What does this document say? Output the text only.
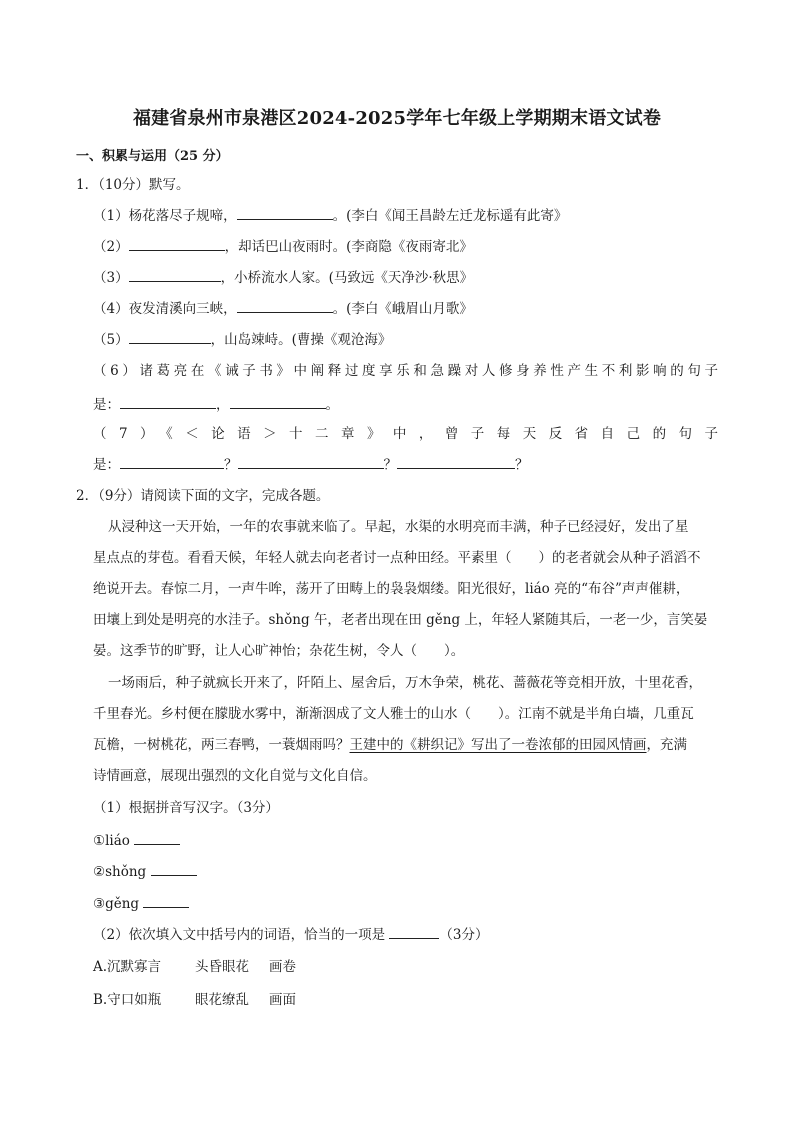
福建省泉州市泉港区2024-2025学年七年级上学期期末语文试卷
一、积累与运用（25 分）
1．（10分）默写。
（1）杨花落尽子规啼，	。(李白《闻王昌龄左迁龙标遥有此寄》
（2）	，却话巴山夜雨时。(李商隐《夜雨寄北》
（3）	，小桥流水人家。(马致远《天净沙·秋思》
（4）夜发清溪向三峡，	。(李白《峨眉山月歌》
（5）	，山岛竦峙。(曹操《观沧海》
（6）诸葛亮在《诫子书》中阐释过度享乐和急躁对人修身养性产生不利影响的句子
是：	，	。
（7）《＜论语＞十二章》中，曾子每天反省自己的句子
是：	？	？	？
2．（9分）请阅读下面的文字，完成各题。
从浸种这一天开始，一年的农事就来临了。早起，水渠的水明亮而丰满，种子已经浸好，发出了星
星点点的芽苞。看看天候，年轻人就去向老者讨一点种田经。平素里（　　）的老者就会从种子滔滔不
绝说开去。春惊二月，一声牛哞，荡开了田畴上的袅袅烟缕。阳光很好，liáo 亮的“布谷”声声催耕，
田壤上到处是明亮的水洼子。shǒng 午，老者出现在田 gěng 上，年轻人紧随其后，一老一少，言笑晏
晏。这季节的旷野，让人心旷神怡；杂花生树，令人（　　）。
一场雨后，种子就疯长开来了，阡陌上、屋舍后，万木争荣，桃花、蔷薇花等竞相开放，十里花香，
千里春光。乡村便在朦胧水雾中，渐渐洇成了文人雅士的山水（　　）。江南不就是半角白墙，几重瓦
瓦檐，一树桃花，两三春鸭，一蓑烟雨吗？王建中的《耕织记》写出了一卷浓郁的田园风情画，充满
诗情画意，展现出强烈的文化自觉与文化自信。
（1）根据拼音写汉字。（3分）
①liáo
②shǒng
③gěng
（2）依次填入文中括号内的词语，恰当的一项是	（3分）
A.沉默寡言	头昏眼花 画卷
B.守口如瓶	眼花缭乱 画面
